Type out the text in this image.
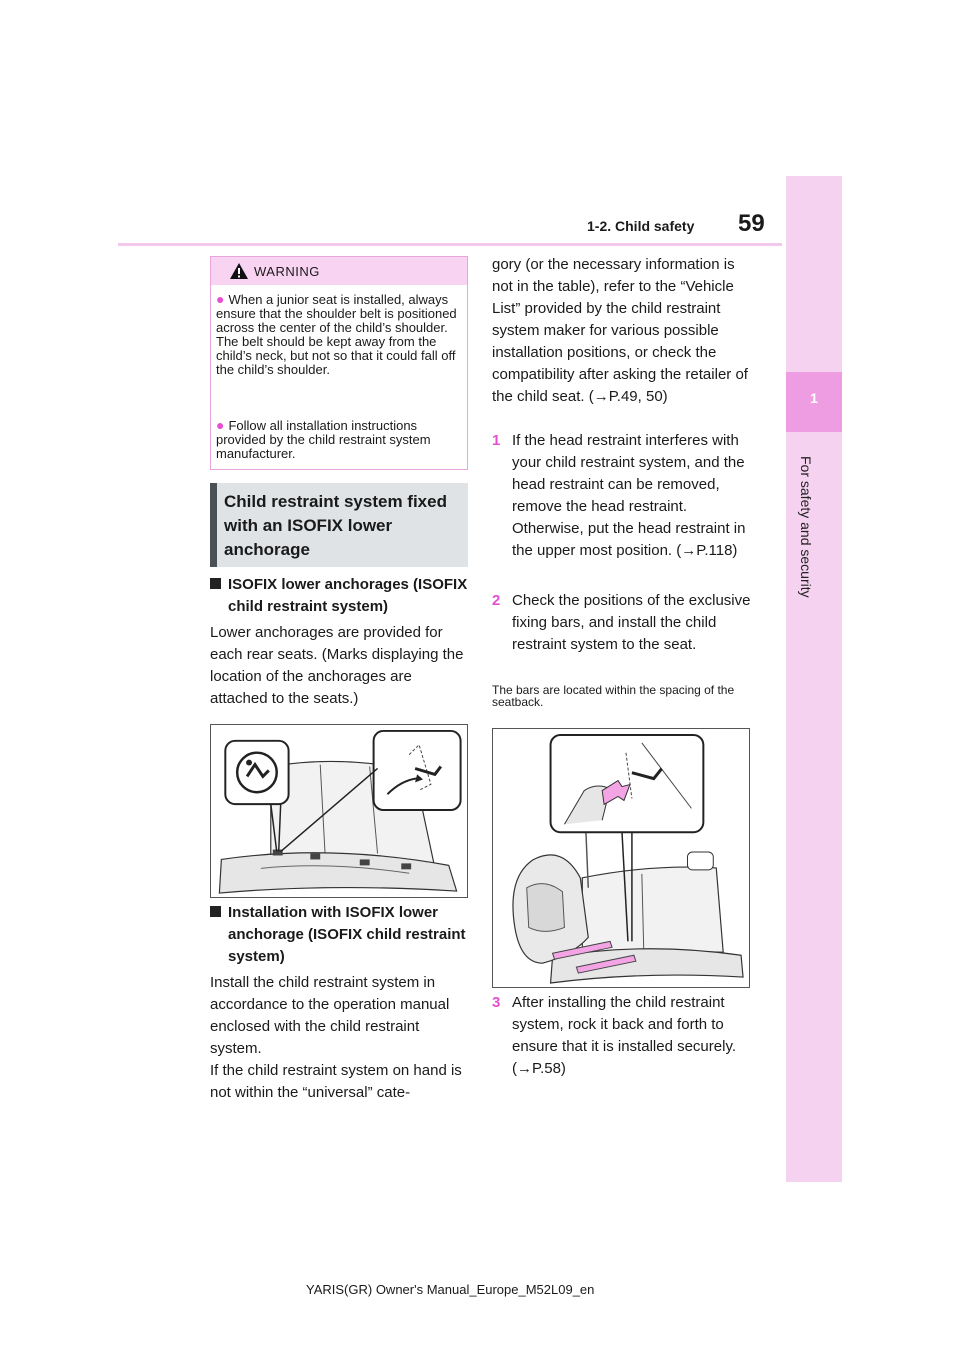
1-2. Child safety 59
1
For safety and security
WARNING
● When a junior seat is installed, always ensure that the shoulder belt is positioned across the center of the child’s shoulder. The belt should be kept away from the child’s neck, but not so that it could fall off the child’s shoulder.
● Follow all installation instructions provided by the child restraint system manufacturer.
Child restraint system fixed with an ISOFIX lower anchorage
ISOFIX lower anchorages (ISOFIX child restraint system)
Lower anchorages are provided for each rear seats. (Marks displaying the location of the anchorages are attached to the seats.)
Installation with ISOFIX lower anchorage (ISOFIX child restraint system)
Install the child restraint system in accordance to the operation manual enclosed with the child restraint system.
If the child restraint system on hand is not within the “universal” cate-
gory (or the necessary information is not in the table), refer to the “Vehicle List” provided by the child restraint system maker for various possible installation positions, or check the compatibility after asking the retailer of the child seat. (→P.49, 50)
1 If the head restraint interferes with your child restraint system, and the head restraint can be removed, remove the head restraint. Otherwise, put the head restraint in the upper most position. (→P.118)
2 Check the positions of the exclusive fixing bars, and install the child restraint system to the seat.
The bars are located within the spacing of the seatback.
3 After installing the child restraint system, rock it back and forth to ensure that it is installed securely. (→P.58)
YARIS(GR) Owner's Manual_Europe_M52L09_en
